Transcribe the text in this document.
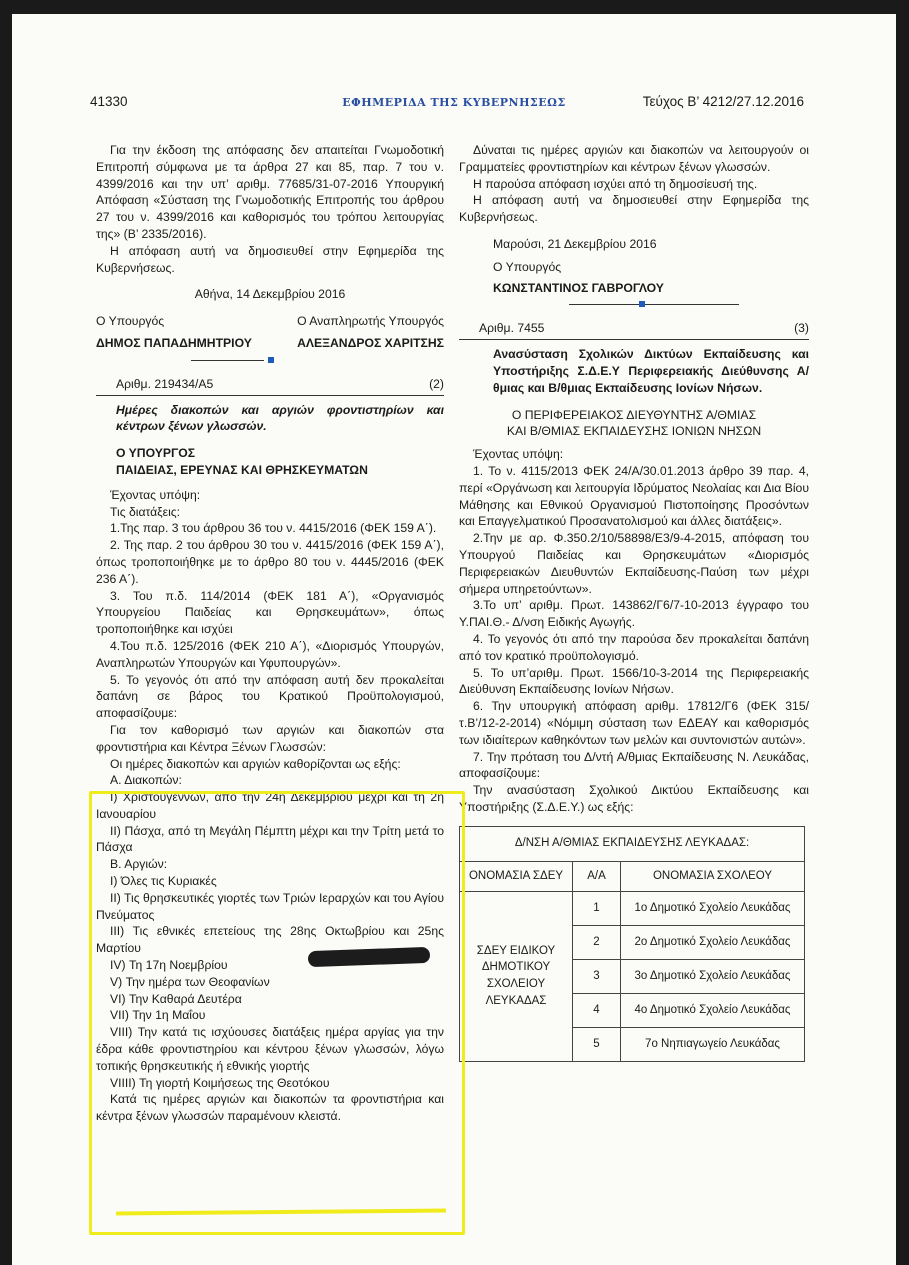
41330	ΕΦΗΜΕΡΙΔΑ ΤΗΣ ΚΥΒΕΡΝΗΣΕΩΣ	Τεύχος Β’ 4212/27.12.2016

Για την έκδοση της απόφασης δεν απαιτείται Γνωμοδοτική Επιτροπή σύμφωνα με τα άρθρα 27 και 85, παρ. 7 του ν. 4399/2016 και την υπ’ αριθμ. 77685/31-07-2016 Υπουργική Απόφαση «Σύσταση της Γνωμοδοτικής Επιτροπής του άρθρου 27 του ν. 4399/2016 και καθορισμός του τρόπου λειτουργίας της» (Β’ 2335/2016).

Η απόφαση αυτή να δημοσιευθεί στην Εφημερίδα της Κυβερνήσεως.

Αθήνα, 14 Δεκεμβρίου 2016

Ο Υπουργός	Ο Αναπληρωτής Υπουργός
ΔΗΜΟΣ ΠΑΠΑΔΗΜΗΤΡΙΟΥ	ΑΛΕΞΑΝΔΡΟΣ ΧΑΡΙΤΣΗΣ
Αριθμ. 219434/Α5	(2)

Ημέρες διακοπών και αργιών φροντιστηρίων και κέντρων ξένων γλωσσών.

Ο ΥΠΟΥΡΓΟΣ

ΠΑΙΔΕΙΑΣ, ΕΡΕΥΝΑΣ ΚΑΙ ΘΡΗΣΚΕΥΜΑΤΩΝ

Έχοντας υπόψη:

Τις διατάξεις:

1.Της παρ. 3 του άρθρου 36 του ν. 4415/2016 (ΦΕΚ 159 Α΄).

2. Της παρ. 2 του άρθρου 30 του ν. 4415/2016 (ΦΕΚ 159 Α΄), όπως τροποποιήθηκε με το άρθρο 80 του ν. 4445/2016 (ΦΕΚ 236 Α΄).

3. Του π.δ. 114/2014 (ΦΕΚ 181 Α΄), «Οργανισμός Υπουργείου Παιδείας και Θρησκευμάτων», όπως τροποποιήθηκε και ισχύει

4.Του π.δ. 125/2016 (ΦΕΚ 210 Α΄), «Διορισμός Υπουργών, Αναπληρωτών Υπουργών και Υφυπουργών».

5. Το γεγονός ότι από την απόφαση αυτή δεν προκαλείται δαπάνη σε βάρος του Κρατικού Προϋπολογισμού, αποφασίζουμε:

Για τον καθορισμό των αργιών και διακοπών στα φροντιστήρια και Κέντρα Ξένων Γλωσσών:

Οι ημέρες διακοπών και αργιών καθορίζονται ως εξής:

Α. Διακοπών:

Ι) Χριστουγέννων, από την 24η Δεκεμβρίου μέχρι και τη 2η Ιανουαρίου

ΙΙ) Πάσχα, από τη Μεγάλη Πέμπτη μέχρι και την Τρίτη μετά το Πάσχα

Β. Αργιών:

Ι) Όλες τις Κυριακές

ΙΙ) Τις θρησκευτικές γιορτές των Τριών Ιεραρχών και του Αγίου Πνεύματος

ΙΙΙ) Τις εθνικές επετείους της 28ης Οκτωβρίου και 25ης Μαρτίου

ΙV) Τη 17η Νοεμβρίου

V) Την ημέρα των Θεοφανίων

VI) Την Καθαρά Δευτέρα

VII) Την 1η Μαΐου

VIII) Την κατά τις ισχύουσες διατάξεις ημέρα αργίας για την έδρα κάθε φροντιστηρίου και κέντρου ξένων γλωσσών, λόγω τοπικής θρησκευτικής ή εθνικής γιορτής

VIIII) Τη γιορτή Κοιμήσεως της Θεοτόκου

Κατά τις ημέρες αργιών και διακοπών τα φροντιστήρια και κέντρα ξένων γλωσσών παραμένουν κλειστά.

Δύναται τις ημέρες αργιών και διακοπών να λειτουργούν οι Γραμματείες φροντιστηρίων και κέντρων ξένων γλωσσών.

Η παρούσα απόφαση ισχύει από τη δημοσίευσή της.

Η απόφαση αυτή να δημοσιευθεί στην Εφημερίδα της Κυβερνήσεως.

Μαρούσι, 21 Δεκεμβρίου 2016

Ο Υπουργός

ΚΩΝΣΤΑΝΤΙΝΟΣ ΓΑΒΡΟΓΛΟΥ

Αριθμ. 7455	(3)

Ανασύσταση Σχολικών Δικτύων Εκπαίδευσης και Υποστήριξης Σ.Δ.Ε.Υ Περιφερειακής Διεύθυνσης Α/θμιας και Β/θμιας Εκπαίδευσης Ιονίων Νήσων.

Ο ΠΕΡΙΦΕΡΕΙΑΚΟΣ ΔΙΕΥΘΥΝΤΗΣ Α/ΘΜΙΑΣ

ΚΑΙ Β/ΘΜΙΑΣ ΕΚΠΑΙΔΕΥΣΗΣ ΙΟΝΙΩΝ ΝΗΣΩΝ

Έχοντας υπόψη:

1. Το ν. 4115/2013 ΦΕΚ 24/Α/30.01.2013 άρθρο 39 παρ. 4, περί «Οργάνωση και λειτουργία Ιδρύματος Νεολαίας και Δια Βίου Μάθησης και Εθνικού Οργανισμού Πιστοποίησης Προσόντων και Επαγγελματικού Προσανατολισμού και άλλες διατάξεις».

2.Την με αρ. Φ.350.2/10/58898/Ε3/9-4-2015, απόφαση του Υπουργού Παιδείας και Θρησκευμάτων «Διορισμός Περιφερειακών Διευθυντών Εκπαίδευσης-Παύση των μέχρι σήμερα υπηρετούντων».

3.Το υπ’ αριθμ. Πρωτ. 143862/Γ6/7-10-2013 έγγραφο του Υ.ΠΑΙ.Θ.- Δ/νση Ειδικής Αγωγής.

4. Το γεγονός ότι από την παρούσα δεν προκαλείται δαπάνη από τον κρατικό προϋπολογισμό.

5. Το υπ’αριθμ. Πρωτ. 1566/10-3-2014 της Περιφερειακής Διεύθυνση Εκπαίδευσης Ιονίων Νήσων.

6. Την υπουργική απόφαση αριθμ. 17812/Γ6 (ΦΕΚ 315/τ.Β’/12-2-2014) «Νόμιμη σύσταση των ΕΔΕΑΥ και καθορισμός των ιδιαίτερων καθηκόντων των μελών και συντονιστών αυτών».

7. Την πρόταση του Δ/ντή Α/θμιας Εκπαίδευσης Ν. Λευκάδας, αποφασίζουμε:

Την ανασύσταση Σχολικού Δικτύου Εκπαίδευσης και Υποστήριξης (Σ.Δ.Ε.Υ.) ως εξής:

Δ/ΝΣΗ Α/ΘΜΙΑΣ ΕΚΠΑΙΔΕΥΣΗΣ ΛΕΥΚΑΔΑΣ:		
ΟΝΟΜΑΣΙΑ ΣΔΕΥ	Α/Α	ΟΝΟΜΑΣΙΑ ΣΧΟΛΕΟΥ

ΣΔΕΥ ΕΙΔΙΚΟΥ
ΔΗΜΟΤΙΚΟΥ
ΣΧΟΛΕΙΟΥ
ΛΕΥΚΑΔΑΣ	1	1ο Δημοτικό Σχολείο Λευκάδας
	2	2ο Δημοτικό Σχολείο Λευκάδας
	3	3ο Δημοτικό Σχολείο Λευκάδας
	4	4ο Δημοτικό Σχολείο Λευκάδας
	5	7ο Νηπιαγωγείο Λευκάδας
